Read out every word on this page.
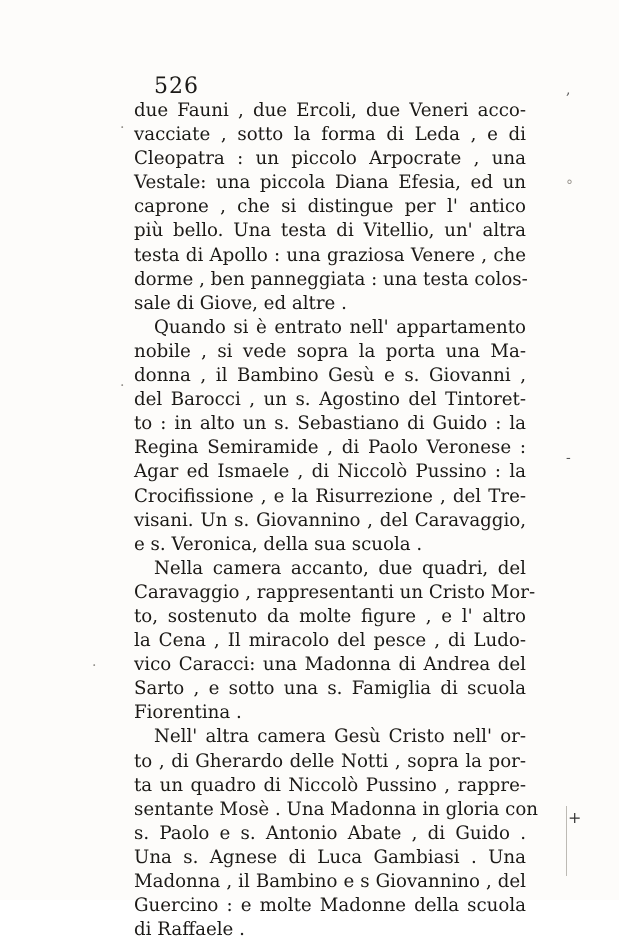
526
due Fauni , due Ercoli, due Veneri acco-
vacciate , sotto la forma di Leda , e di
Cleopatra : un piccolo Arpocrate , una
Vestale: una piccola Diana Efesia, ed un
caprone , che si distingue per l' antico
più bello. Una testa di Vitellio, un' altra
testa di Apollo : una graziosa Venere , che
dorme , ben panneggiata : una testa colos-
sale di Giove, ed altre .
Quando si è entrato nell' appartamento
nobile , si vede sopra la porta una Ma-
donna , il Bambino Gesù e s. Giovanni ,
del Barocci , un s. Agostino del Tintoret-
to : in alto un s. Sebastiano di Guido : la
Regina Semiramide , di Paolo Veronese :
Agar ed Ismaele , di Niccolò Pussino : la
Crocifissione , e la Risurrezione , del Tre-
visani. Un s. Giovannino , del Caravaggio,
e s. Veronica, della sua scuola .
Nella camera accanto, due quadri, del
Caravaggio , rappresentanti un Cristo Mor-
to, sostenuto da molte figure , e l' altro
la Cena , Il miracolo del pesce , di Ludo-
vico Caracci: una Madonna di Andrea del
Sarto , e sotto una s. Famiglia di scuola
Fiorentina .
Nell' altra camera Gesù Cristo nell' or-
to , di Gherardo delle Notti , sopra la por-
ta un quadro di Niccolò Pussino , rappre-
sentante Mosè . Una Madonna in gloria con
s. Paolo e s. Antonio Abate , di Guido .
Una s. Agnese di Luca Gambiasi . Una
Madonna , il Bambino e s Giovannino , del
Guercino : e molte Madonne della scuola
di Raffaele .
,
°
-
·
·
·
+
